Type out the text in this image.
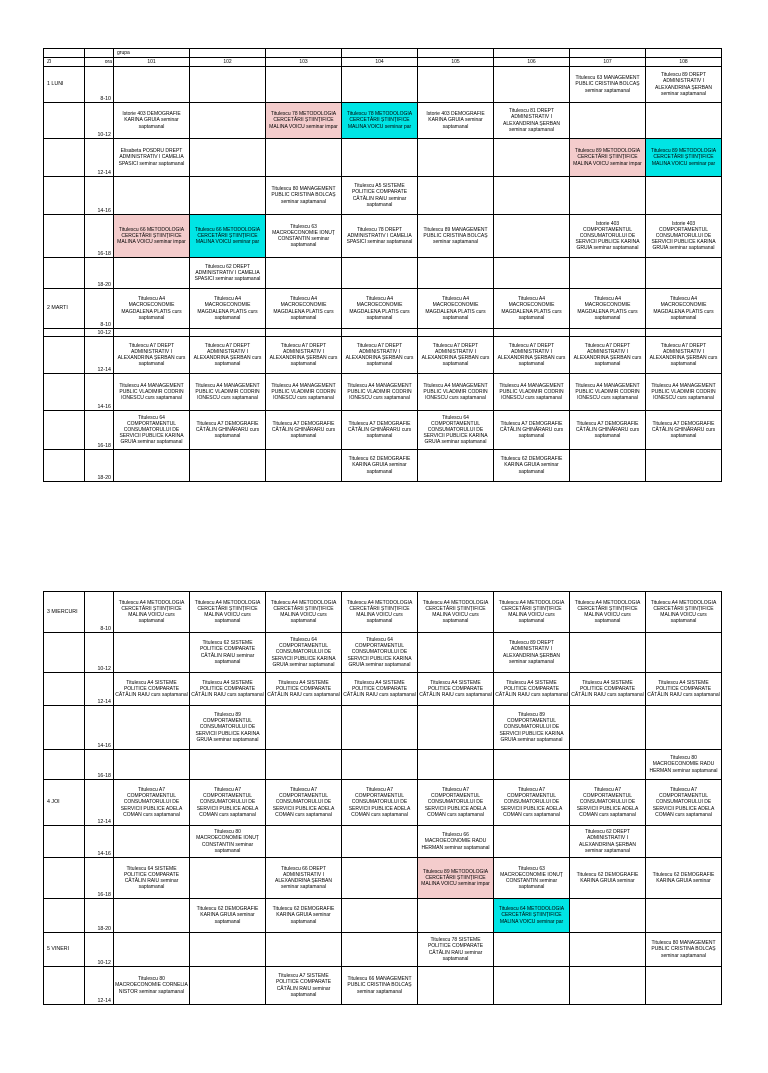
		grupa							
ZI	ora	101	102	103	104	105	106	107	108
1 LUNI	8-10							Titulescu 63 MANAGEMENT PUBLIC CRISTINA BOLCAȘ seminar saptamanal	Titulescu 89 DREPT ADMINISTRATIV I ALEXANDRINA ȘERBAN seminar saptamanal
	10-12	Istorie 403 DEMOGRAFIE KARINA GRUIA seminar saptamanal		Titulescu 78 METODOLOGIA CERCETĂRII ȘTIINȚIFICE MALINA VOICU seminar impar	Titulescu 78 METODOLOGIA CERCETĂRII ȘTIINȚIFICE MALINA VOICU seminar par	Istorie 403 DEMOGRAFIE KARINA GRUIA seminar saptamanal	Titulescu 81 DREPT ADMINISTRATIV I ALEXANDRINA ȘERBAN seminar saptamanal		
	12-14	Elisabeta POSDRU DREPT ADMINISTRATIV I CAMELIA SPASICI seminar saptamanal						Titulescu 89 METODOLOGIA CERCETĂRII ȘTIINȚIFICE MALINA VOICU seminar impar	Titulescu 89 METODOLOGIA CERCETĂRII ȘTIINȚIFICE MALINA VOICU seminar par
	14-16			Titulescu 80 MANAGEMENT PUBLIC CRISTINA BOLCAȘ seminar saptamanal	Titulescu A5 SISTEME POLITICE COMPARATE CĂTĂLIN RAIU seminar saptamanal				
	16-18	Titulescu 66 METODOLOGIA CERCETĂRII ȘTIINȚIFICE MALINA VOICU seminar impar	Titulescu 66 METODOLOGIA CERCETĂRII ȘTIINȚIFICE MALINA VOICU seminar par	Titulescu 63 MACROECONOMIE IONUȚ CONSTANTIN seminar saptamanal	Titulescu 78 DREPT ADMINISTRATIV I CAMELIA SPASICI seminar saptamanal	Titulescu 89 MANAGEMENT PUBLIC CRISTINA BOLCAȘ seminar saptamanal		Istorie 403 COMPORTAMENTUL CONSUMATORULUI DE SERVICII PUBLICE KARINA GRUIA seminar saptamanal	Istorie 403 COMPORTAMENTUL CONSUMATORULUI DE SERVICII PUBLICE KARINA GRUIA seminar saptamanal
	18-20		Titulescu 62 DREPT ADMINISTRATIV I CAMELIA SPASICI seminar saptamanal						
2 MARTI	8-10	Titulescu A4 MACROECONOMIE MAGDALENA PLATIS curs saptamanal	Titulescu A4 MACROECONOMIE MAGDALENA PLATIS curs saptamanal	Titulescu A4 MACROECONOMIE MAGDALENA PLATIS curs saptamanal	Titulescu A4 MACROECONOMIE MAGDALENA PLATIS curs saptamanal	Titulescu A4 MACROECONOMIE MAGDALENA PLATIS curs saptamanal	Titulescu A4 MACROECONOMIE MAGDALENA PLATIS curs saptamanal	Titulescu A4 MACROECONOMIE MAGDALENA PLATIS curs saptamanal	Titulescu A4 MACROECONOMIE MAGDALENA PLATIS curs saptamanal
	10-12								
	12-14	Titulescu A7 DREPT ADMINISTRATIV I ALEXANDRINA ȘERBAN curs saptamanal	Titulescu A7 DREPT ADMINISTRATIV I ALEXANDRINA ȘERBAN curs saptamanal	Titulescu A7 DREPT ADMINISTRATIV I ALEXANDRINA ȘERBAN curs saptamanal	Titulescu A7 DREPT ADMINISTRATIV I ALEXANDRINA ȘERBAN curs saptamanal	Titulescu A7 DREPT ADMINISTRATIV I ALEXANDRINA ȘERBAN curs saptamanal	Titulescu A7 DREPT ADMINISTRATIV I ALEXANDRINA ȘERBAN curs saptamanal	Titulescu A7 DREPT ADMINISTRATIV I ALEXANDRINA ȘERBAN curs saptamanal	Titulescu A7 DREPT ADMINISTRATIV I ALEXANDRINA ȘERBAN curs saptamanal
	14-16	Titulescu A4 MANAGEMENT PUBLIC VLADIMIR CODRIN IONESCU curs saptamanal	Titulescu A4 MANAGEMENT PUBLIC VLADIMIR CODRIN IONESCU curs saptamanal	Titulescu A4 MANAGEMENT PUBLIC VLADIMIR CODRIN IONESCU curs saptamanal	Titulescu A4 MANAGEMENT PUBLIC VLADIMIR CODRIN IONESCU curs saptamanal	Titulescu A4 MANAGEMENT PUBLIC VLADIMIR CODRIN IONESCU curs saptamanal	Titulescu A4 MANAGEMENT PUBLIC VLADIMIR CODRIN IONESCU curs saptamanal	Titulescu A4 MANAGEMENT PUBLIC VLADIMIR CODRIN IONESCU curs saptamanal	Titulescu A4 MANAGEMENT PUBLIC VLADIMIR CODRIN IONESCU curs saptamanal
	16-18	Titulescu 64 COMPORTAMENTUL CONSUMATORULUI DE SERVICII PUBLICE KARINA GRUIA seminar saptamanal	Titulescu A7 DEMOGRAFIE CĂTĂLIN GHINĂRARU curs saptamanal	Titulescu A7 DEMOGRAFIE CĂTĂLIN GHINĂRARU curs saptamanal	Titulescu A7 DEMOGRAFIE CĂTĂLIN GHINĂRARU curs saptamanal	Titulescu 64 COMPORTAMENTUL CONSUMATORULUI DE SERVICII PUBLICE KARINA GRUIA seminar saptamanal	Titulescu A7 DEMOGRAFIE CĂTĂLIN GHINĂRARU curs saptamanal	Titulescu A7 DEMOGRAFIE CĂTĂLIN GHINĂRARU curs saptamanal	Titulescu A7 DEMOGRAFIE CĂTĂLIN GHINĂRARU curs saptamanal
	18-20				Titulescu 62 DEMOGRAFIE KARINA GRUIA seminar saptamanal		Titulescu 62 DEMOGRAFIE KARINA GRUIA seminar saptamanal		
3 MIERCURI	8-10	Titulescu A4 METODOLOGIA CERCETĂRII ȘTIINȚIFICE MALINA VOICU curs saptamanal	Titulescu A4 METODOLOGIA CERCETĂRII ȘTIINȚIFICE MALINA VOICU curs saptamanal	Titulescu A4 METODOLOGIA CERCETĂRII ȘTIINȚIFICE MALINA VOICU curs saptamanal	Titulescu A4 METODOLOGIA CERCETĂRII ȘTIINȚIFICE MALINA VOICU curs saptamanal	Titulescu A4 METODOLOGIA CERCETĂRII ȘTIINȚIFICE MALINA VOICU curs saptamanal	Titulescu A4 METODOLOGIA CERCETĂRII ȘTIINȚIFICE MALINA VOICU curs saptamanal	Titulescu A4 METODOLOGIA CERCETĂRII ȘTIINȚIFICE MALINA VOICU curs saptamanal	Titulescu A4 METODOLOGIA CERCETĂRII ȘTIINȚIFICE MALINA VOICU curs saptamanal
	10-12		Titulescu 62 SISTEME POLITICE COMPARATE CĂTĂLIN RAIU seminar saptamanal	Titulescu 64 COMPORTAMENTUL CONSUMATORULUI DE SERVICII PUBLICE KARINA GRUIA seminar saptamanal	Titulescu 64 COMPORTAMENTUL CONSUMATORULUI DE SERVICII PUBLICE KARINA GRUIA seminar saptamanal		Titulescu 89 DREPT ADMINISTRATIV I ALEXANDRINA ȘERBAN seminar saptamanal		
	12-14	Titulescu A4 SISTEME POLITICE COMPARATE CĂTĂLIN RAIU curs saptamanal	Titulescu A4 SISTEME POLITICE COMPARATE CĂTĂLIN RAIU curs saptamanal	Titulescu A4 SISTEME POLITICE COMPARATE CĂTĂLIN RAIU curs saptamanal	Titulescu A4 SISTEME POLITICE COMPARATE CĂTĂLIN RAIU curs saptamanal	Titulescu A4 SISTEME POLITICE COMPARATE CĂTĂLIN RAIU curs saptamanal	Titulescu A4 SISTEME POLITICE COMPARATE CĂTĂLIN RAIU curs saptamanal	Titulescu A4 SISTEME POLITICE COMPARATE CĂTĂLIN RAIU curs saptamanal	Titulescu A4 SISTEME POLITICE COMPARATE CĂTĂLIN RAIU curs saptamanal
	14-16		Titulescu 89 COMPORTAMENTUL CONSUMATORULUI DE SERVICII PUBLICE KARINA GRUIA seminar saptamanal				Titulescu 89 COMPORTAMENTUL CONSUMATORULUI DE SERVICII PUBLICE KARINA GRUIA seminar saptamanal		
	16-18								Titulescu 80 MACROECONOMIE RADU HERMAN seminar saptamanal
4 JOI	12-14	Titulescu A7 COMPORTAMENTUL CONSUMATORULUI DE SERVICII PUBLICE ADELA COMAN curs saptamanal	Titulescu A7 COMPORTAMENTUL CONSUMATORULUI DE SERVICII PUBLICE ADELA COMAN curs saptamanal	Titulescu A7 COMPORTAMENTUL CONSUMATORULUI DE SERVICII PUBLICE ADELA COMAN curs saptamanal	Titulescu A7 COMPORTAMENTUL CONSUMATORULUI DE SERVICII PUBLICE ADELA COMAN curs saptamanal	Titulescu A7 COMPORTAMENTUL CONSUMATORULUI DE SERVICII PUBLICE ADELA COMAN curs saptamanal	Titulescu A7 COMPORTAMENTUL CONSUMATORULUI DE SERVICII PUBLICE ADELA COMAN curs saptamanal	Titulescu A7 COMPORTAMENTUL CONSUMATORULUI DE SERVICII PUBLICE ADELA COMAN curs saptamanal	Titulescu A7 COMPORTAMENTUL CONSUMATORULUI DE SERVICII PUBLICE ADELA COMAN curs saptamanal
	14-16		Titulescu 80 MACROECONOMIE IONUȚ CONSTANTIN seminar saptamanal			Titulescu 66 MACROECONOMIE RADU HERMAN seminar saptamanal		Titulescu 62 DREPT ADMINISTRATIV I ALEXANDRINA ȘERBAN seminar saptamanal	
	16-18	Titulescu 64 SISTEME POLITICE COMPARATE CĂTĂLIN RAIU seminar saptamanal		Titulescu 66 DREPT ADMINISTRATIV I ALEXANDRINA ȘERBAN seminar saptamanal		Titulescu 89 METODOLOGIA CERCETĂRII ȘTIINȚIFICE MALINA VOICU seminar impar	Titulescu 63 MACROECONOMIE IONUȚ CONSTANTIN seminar saptamanal	Titulescu 62 DEMOGRAFIE KARINA GRUIA seminar	Titulescu 62 DEMOGRAFIE KARINA GRUIA seminar
	18-20		Titulescu 62 DEMOGRAFIE KARINA GRUIA seminar saptamanal	Titulescu 62 DEMOGRAFIE KARINA GRUIA seminar saptamanal			Titulescu 64 METODOLOGIA CERCETĂRII ȘTIINȚIFICE MALINA VOICU seminar par		
5 VINERI	10-12					Titulescu 78 SISTEME POLITICE COMPARATE CĂTĂLIN RAIU seminar saptamanal			Titulescu 80 MANAGEMENT PUBLIC CRISTINA BOLCAȘ seminar saptamanal
	12-14	Titulescu 80 MACROECONOMIE CORNELIA NISTOR seminar saptamanal		Titulescu A7 SISTEME POLITICE COMPARATE CĂTĂLIN RAIU seminar saptamanal	Titulescu 66 MANAGEMENT PUBLIC CRISTINA BOLCAȘ seminar saptamanal				
